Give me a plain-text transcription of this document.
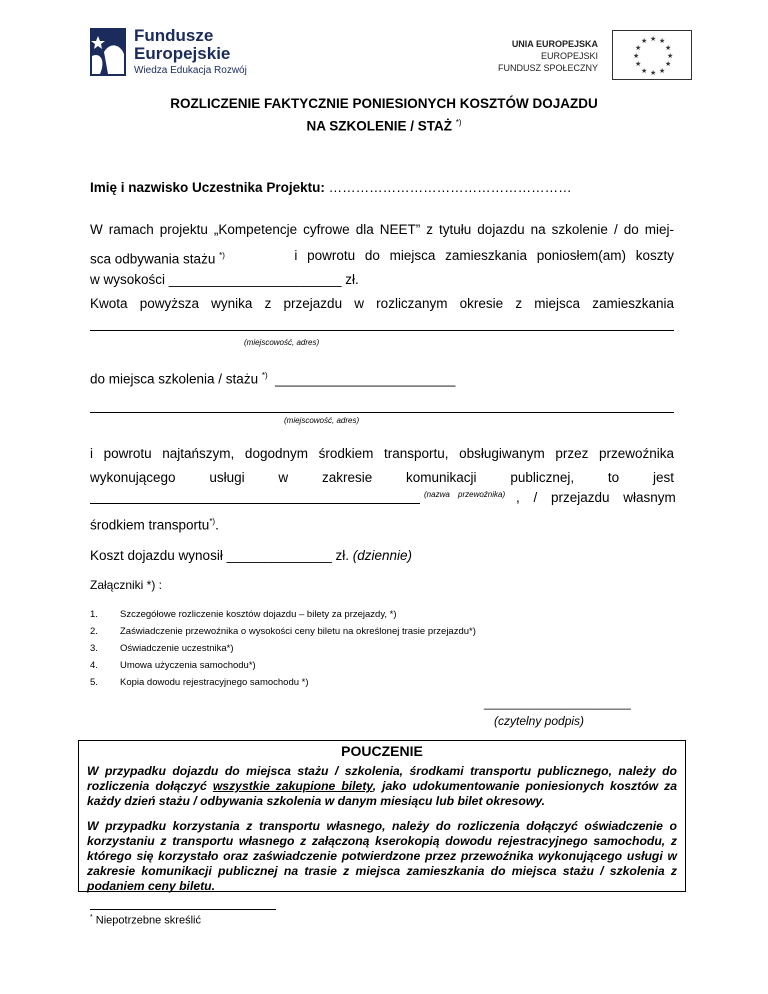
Fundusze
Europejskie
Wiedza Edukacja Rozwój
UNIA EUROPEJSKA
EUROPEJSKI
FUNDUSZ SPOŁECZNY
★ ★
★
★
★
★
★
★
★
★
★
★
ROZLICZENIE FAKTYCZNIE PONIESIONYCH KOSZTÓW DOJAZDU
NA SZKOLENIE / STAŻ *)
Imię i nazwisko Uczestnika Projektu: ………………………………………………
W ramach projektu „Kompetencje cyfrowe dla NEET” z tytułu dojazdu na szkolenie / do miej-
sca odbywania stażu *)	i powrotu do miejsca zamieszkania poniosłem(am) koszty
w wysokości _______________________ zł.
Kwota powyższa wynika z przejazdu w rozliczanym okresie z miejsca zamieszkania
(miejscowość, adres)
do miejsca szkolenia / stażu *) ________________________
(miejscowość, adres)
i powrotu najtańszym, dogodnym środkiem transportu, obsługiwanym przez przewoźnika
wykonującego usługi w zakresie komunikacji publicznej, to jest
(nazwa przewoźnika) , / przejazdu własnym
środkiem transportu*).
Koszt dojazdu wynosił ______________ zł. (dziennie)
Załączniki *) :
1. Szczegółowe rozliczenie kosztów dojazdu – bilety za przejazdy, *)
2. Zaświadczenie przewoźnika o wysokości ceny biletu na określonej trasie przejazdu*)
3. Oświadczenie uczestnika*)
4. Umowa użyczenia samochodu*)
5. Kopia dowodu rejestracyjnego samochodu *)
______________________
(czytelny podpis)
POUCZENIE
W przypadku dojazdu do miejsca stażu / szkolenia, środkami transportu publicznego, należy do rozliczenia dołączyć wszystkie zakupione bilety, jako udokumentowanie poniesionych kosztów za każdy dzień stażu / odbywania szkolenia w danym miesiącu lub bilet okresowy.
W przypadku korzystania z transportu własnego, należy do rozliczenia dołączyć oświadczenie o korzystaniu z transportu własnego z załączoną kserokopią dowodu rejestracyjnego samochodu, z którego się korzystało oraz zaświadczenie potwierdzone przez przewoźnika wykonującego usługi w zakresie komunikacji publicznej na trasie z miejsca zamieszkania do miejsca stażu / szkolenia z podaniem ceny biletu.
* Niepotrzebne skreślić
